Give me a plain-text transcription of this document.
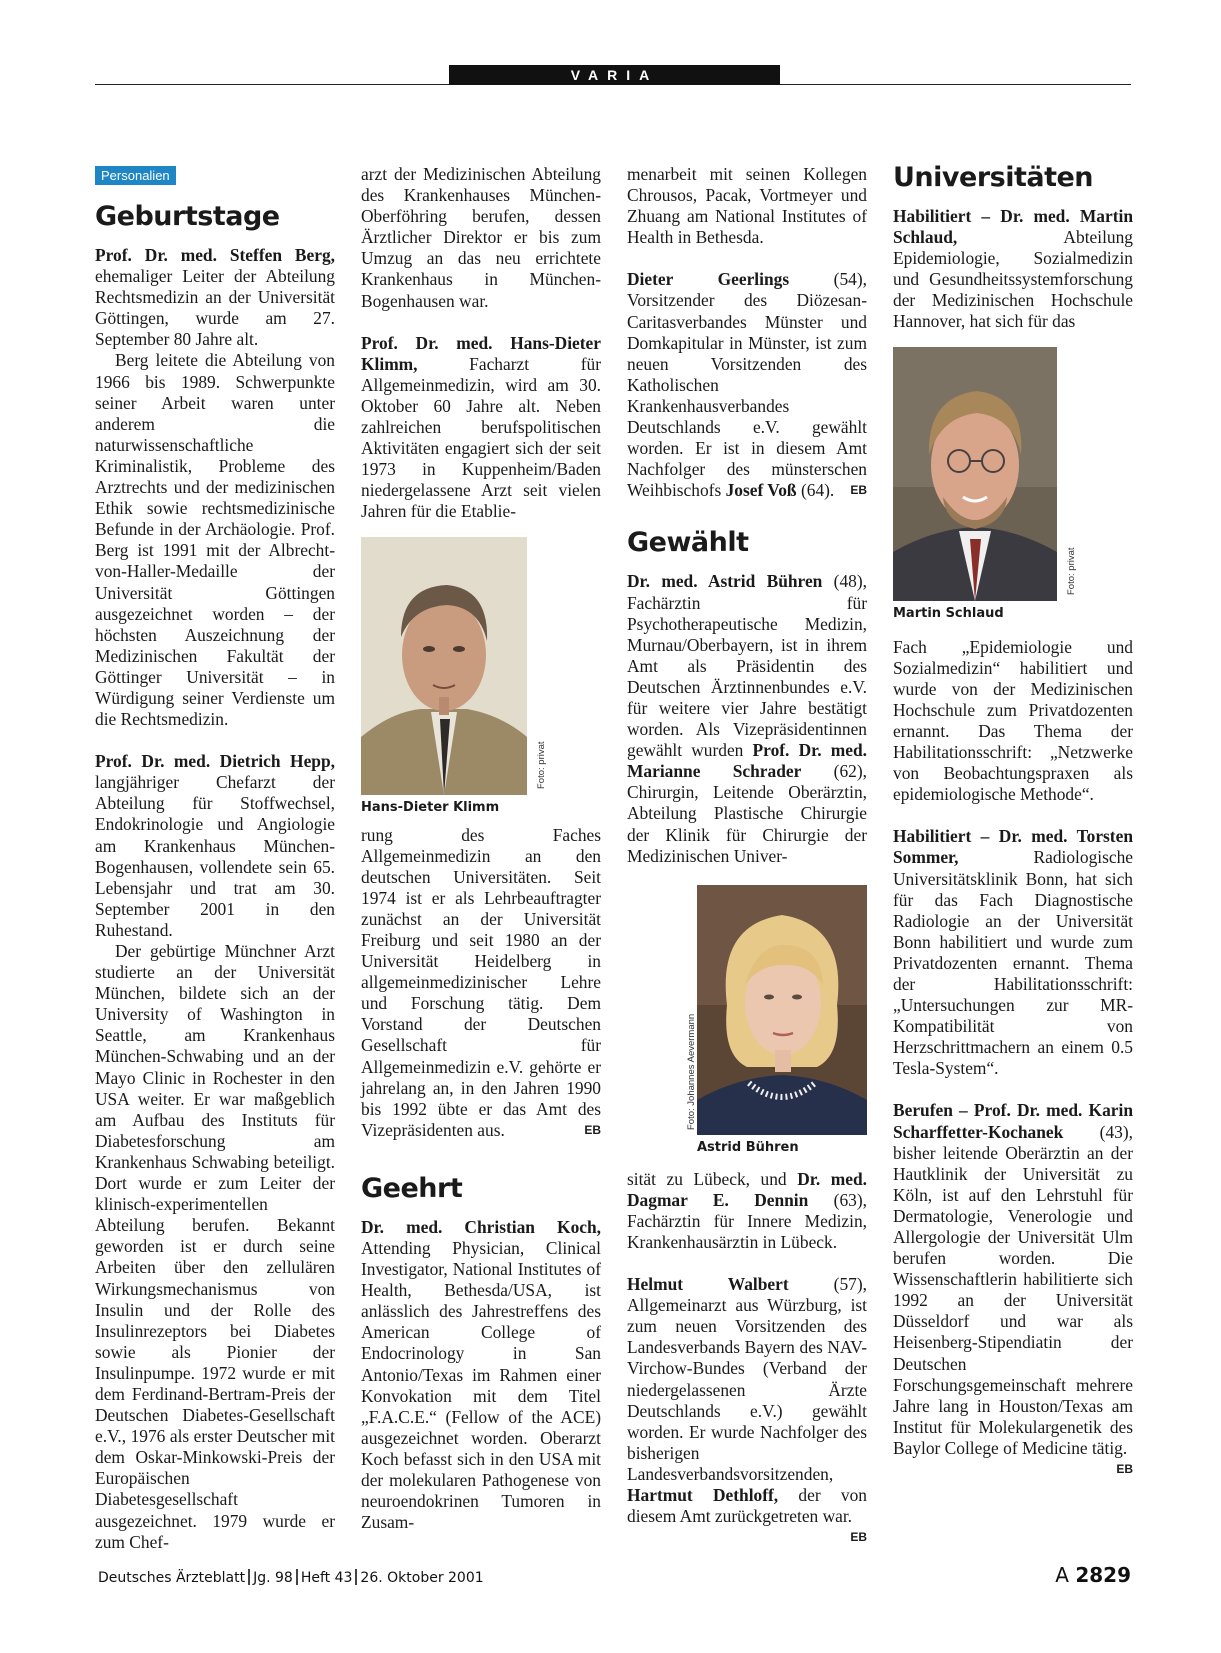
VARIA
Personalien
Geburtstage

Prof. Dr. med. Steffen Berg, ehemaliger Leiter der Abteilung Rechtsmedizin an der Universität Göttingen, wurde am 27. September 80 Jahre alt.

Berg leitete die Abteilung von 1966 bis 1989. Schwerpunkte seiner Arbeit waren unter anderem die naturwissenschaftliche Kriminalistik, Probleme des Arztrechts und der medizinischen Ethik sowie rechtsmedizinische Befunde in der Archäologie. Prof. Berg ist 1991 mit der Albrecht-von-Haller-Medaille der Universität Göttingen ausgezeichnet worden – der höchsten Auszeichnung der Medizinischen Fakultät der Göttinger Universität – in Würdigung seiner Verdienste um die Rechtsmedizin.

Prof. Dr. med. Dietrich Hepp, langjähriger Chefarzt der Abteilung für Stoffwechsel, Endokrinologie und Angiologie am Krankenhaus München-Bogenhausen, vollendete sein 65. Lebensjahr und trat am 30. September 2001 in den Ruhestand.

Der gebürtige Münchner Arzt studierte an der Universität München, bildete sich an der University of Washington in Seattle, am Krankenhaus München-Schwabing und an der Mayo Clinic in Rochester in den USA weiter. Er war maßgeblich am Aufbau des Instituts für Diabetesforschung am Krankenhaus Schwabing beteiligt. Dort wurde er zum Leiter der klinisch-experimentellen Abteilung berufen. Bekannt geworden ist er durch seine Arbeiten über den zellulären Wirkungsmechanismus von Insulin und der Rolle des Insulinrezeptors bei Diabetes sowie als Pionier der Insulinpumpe. 1972 wurde er mit dem Ferdinand-Bertram-Preis der Deutschen Diabetes-Gesellschaft e.V., 1976 als erster Deutscher mit dem Oskar-Minkowski-Preis der Europäischen Diabetesgesellschaft ausgezeichnet. 1979 wurde er zum Chef-

arzt der Medizinischen Abteilung des Krankenhauses München-Oberföhring berufen, dessen Ärztlicher Direktor er bis zum Umzug an das neu errichtete Krankenhaus in München-Bogenhausen war.

Prof. Dr. med. Hans-Dieter Klimm, Facharzt für Allgemeinmedizin, wird am 30. Oktober 60 Jahre alt. Neben zahlreichen berufspolitischen Aktivitäten engagiert sich der seit 1973 in Kuppenheim/Baden niedergelassene Arzt seit vielen Jahren für die Etablie-

Foto: privat
Hans-Dieter Klimm

rung des Faches Allgemeinmedizin an den deutschen Universitäten. Seit 1974 ist er als Lehrbeauftragter zunächst an der Universität Freiburg und seit 1980 an der Universität Heidelberg in allgemeinmedizinischer Lehre und Forschung tätig. Dem Vorstand der Deutschen Gesellschaft für Allgemeinmedizin e.V. gehörte er jahrelang an, in den Jahren 1990 bis 1992 übte er das Amt des Vizepräsidenten aus.	EB

Geehrt

Dr. med. Christian Koch, Attending Physician, Clinical Investigator, National Institutes of Health, Bethesda/USA, ist anlässlich des Jahrestreffens des American College of Endocrinology in San Antonio/Texas im Rahmen einer Konvokation mit dem Titel „F.A.C.E.“ (Fellow of the ACE) ausgezeichnet worden. Oberarzt Koch befasst sich in den USA mit der molekularen Pathogenese von neuroendokrinen Tumoren in Zusam-

menarbeit mit seinen Kollegen Chrousos, Pacak, Vortmeyer und Zhuang am National Institutes of Health in Bethesda.

Dieter Geerlings (54), Vorsitzender des Diözesan-Caritasverbandes Münster und Domkapitular in Münster, ist zum neuen Vorsitzenden des Katholischen Krankenhausverbandes Deutschlands e.V. gewählt worden. Er ist in diesem Amt Nachfolger des münsterschen Weihbischofs Josef Voß (64). EB

Gewählt

Dr. med. Astrid Bühren (48), Fachärztin für Psychotherapeutische Medizin, Murnau/Oberbayern, ist in ihrem Amt als Präsidentin des Deutschen Ärztinnenbundes e.V. für weitere vier Jahre bestätigt worden. Als Vizepräsidentinnen gewählt wurden Prof. Dr. med. Marianne Schrader (62), Chirurgin, Leitende Oberärztin, Abteilung Plastische Chirurgie der Klinik für Chirurgie der Medizinischen Univer-

Foto: Johannes Aevermann
Astrid Bühren

sität zu Lübeck, und Dr. med. Dagmar E. Dennin (63), Fachärztin für Innere Medizin, Krankenhausärztin in Lübeck.

Helmut Walbert (57), Allgemeinarzt aus Würzburg, ist zum neuen Vorsitzenden des Landesverbands Bayern des NAV-Virchow-Bundes (Verband der niedergelassenen Ärzte Deutschlands e.V.) gewählt worden. Er wurde Nachfolger des bisherigen Landesverbandsvorsitzenden, Hartmut Dethloff, der von diesem Amt zurückgetreten war.
EB

Universitäten

Habilitiert – Dr. med. Martin Schlaud, Abteilung Epidemiologie, Sozialmedizin und Gesundheitssystemforschung der Medizinischen Hochschule Hannover, hat sich für das

Foto: privat
Martin Schlaud

Fach „Epidemiologie und Sozialmedizin“ habilitiert und wurde von der Medizinischen Hochschule zum Privatdozenten ernannt. Das Thema der Habilitationsschrift: „Netzwerke von Beobachtungspraxen als epidemiologische Methode“.

Habilitiert – Dr. med. Torsten Sommer, Radiologische Universitätsklinik Bonn, hat sich für das Fach Diagnostische Radiologie an der Universität Bonn habilitiert und wurde zum Privatdozenten ernannt. Thema der Habilitationsschrift: „Untersuchungen zur MR-Kompatibilität von Herzschrittmachern an einem 0.5 Tesla-System“.

Berufen – Prof. Dr. med. Karin Scharffetter-Kochanek (43), bisher leitende Oberärztin an der Hautklinik der Universität zu Köln, ist auf den Lehrstuhl für Dermatologie, Venerologie und Allergologie der Universität Ulm berufen worden. Die Wissenschaftlerin habilitierte sich 1992 an der Universität Düsseldorf und war als Heisenberg-Stipendiatin der Deutschen Forschungsgemeinschaft mehrere Jahre lang in Houston/Texas am Institut für Molekulargenetik des Baylor College of Medicine tätig.
EB

Deutsches Ärzteblatt Jg. 98 Heft 43 26. Oktober 2001	A 2829
